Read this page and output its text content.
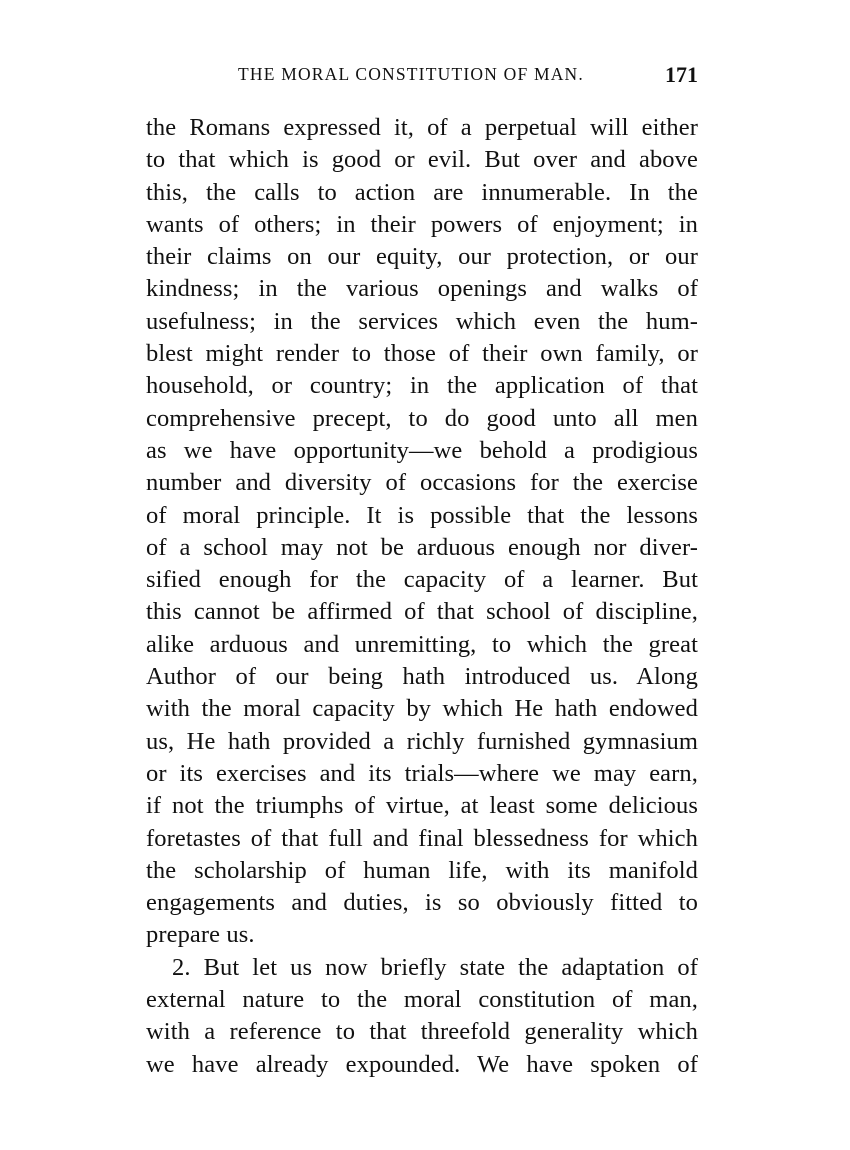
THE MORAL CONSTITUTION OF MAN.	171
the Romans expressed it, of a perpetual will either
to that which is good or evil. But over and above
this, the calls to action are innumerable. In the
wants of others; in their powers of enjoyment; in
their claims on our equity, our protection, or our
kindness; in the various openings and walks of
usefulness; in the services which even the hum-
blest might render to those of their own family, or
household, or country; in the application of that
comprehensive precept, to do good unto all men
as we have opportunity—we behold a prodigious
number and diversity of occasions for the exercise
of moral principle. It is possible that the lessons
of a school may not be arduous enough nor diver-
sified enough for the capacity of a learner. But
this cannot be affirmed of that school of discipline,
alike arduous and unremitting, to which the great
Author of our being hath introduced us. Along
with the moral capacity by which He hath endowed
us, He hath provided a richly furnished gymnasium
or its exercises and its trials—where we may earn,
if not the triumphs of virtue, at least some delicious
foretastes of that full and final blessedness for which
the scholarship of human life, with its manifold
engagements and duties, is so obviously fitted to
prepare us.
2. But let us now briefly state the adaptation of
external nature to the moral constitution of man,
with a reference to that threefold generality which
we have already expounded. We have spoken of
